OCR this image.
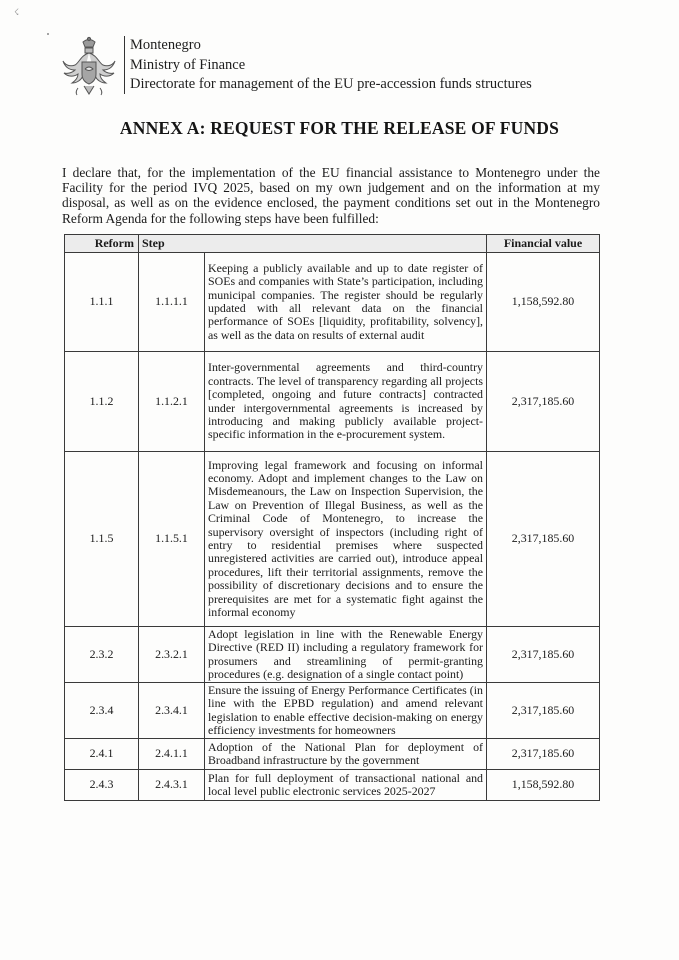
☇
Montenegro
Ministry of Finance
Directorate for management of the EU pre-accession funds structures
ANNEX A: REQUEST FOR THE RELEASE OF FUNDS
I declare that, for the implementation of the EU financial assistance to Montenegro under the Facility for the period IVQ 2025, based on my own judgement and on the information at my disposal, as well as on the evidence enclosed, the payment conditions set out in the Montenegro Reform Agenda for the following steps have been fulfilled:
Reform	Step		Financial value
1.1.1	1.1.1.1	Keeping a publicly available and up to date register of SOEs and companies with State’s participation, including municipal companies. The register should be regularly updated with all relevant data on the financial performance of SOEs [liquidity, profitability, solvency], as well as the data on results of external audit	1,158,592.80
1.1.2	1.1.2.1	Inter-governmental agreements and third-country contracts. The level of transparency regarding all projects [completed, ongoing and future contracts] contracted under intergovernmental agreements is increased by introducing and making publicly available project-specific information in the e-procurement system.	2,317,185.60
1.1.5	1.1.5.1	Improving legal framework and focusing on informal economy. Adopt and implement changes to the Law on Misdemeanours, the Law on Inspection Supervision, the Law on Prevention of Illegal Business, as well as the Criminal Code of Montenegro, to increase the supervisory oversight of inspectors (including right of entry to residential premises where suspected unregistered activities are carried out), introduce appeal procedures, lift their territorial assignments, remove the possibility of discretionary decisions and to ensure the prerequisites are met for a systematic fight against the informal economy	2,317,185.60
2.3.2	2.3.2.1	Adopt legislation in line with the Renewable Energy Directive (RED II) including a regulatory framework for prosumers and streamlining of permit-granting procedures (e.g. designation of a single contact point)	2,317,185.60
2.3.4	2.3.4.1	Ensure the issuing of Energy Performance Certificates (in line with the EPBD regulation) and amend relevant legislation to enable effective decision-making on energy efficiency investments for homeowners	2,317,185.60
2.4.1	2.4.1.1	Adoption of the National Plan for deployment of Broadband infrastructure by the government	2,317,185.60
2.4.3	2.4.3.1	Plan for full deployment of transactional national and local level public electronic services 2025-2027	1,158,592.80
